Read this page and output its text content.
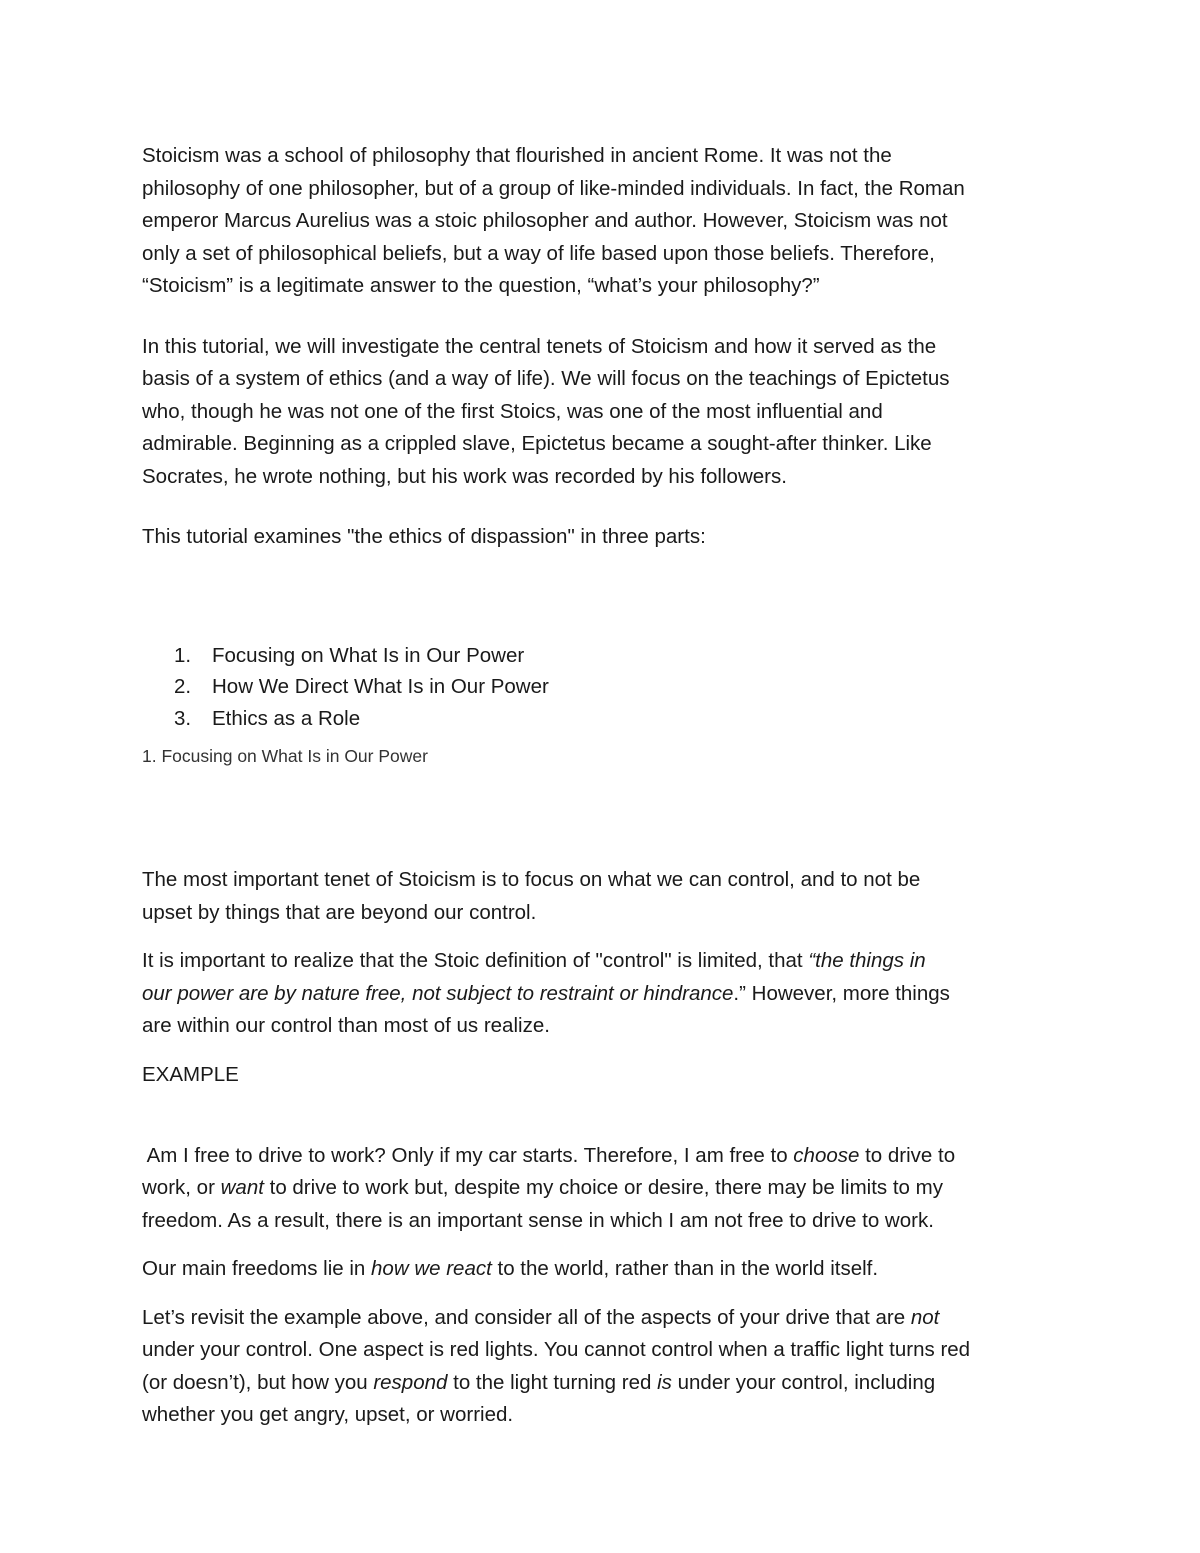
Stoicism was a school of philosophy that flourished in ancient Rome. It was not the
philosophy of one philosopher, but of a group of like-minded individuals. In fact, the Roman
emperor Marcus Aurelius was a stoic philosopher and author. However, Stoicism was not
only a set of philosophical beliefs, but a way of life based upon those beliefs. Therefore,
“Stoicism” is a legitimate answer to the question, “what’s your philosophy?”

In this tutorial, we will investigate the central tenets of Stoicism and how it served as the
basis of a system of ethics (and a way of life). We will focus on the teachings of Epictetus
who, though he was not one of the first Stoics, was one of the most influential and
admirable. Beginning as a crippled slave, Epictetus became a sought-after thinker. Like
Socrates, he wrote nothing, but his work was recorded by his followers.

This tutorial examines "the ethics of dispassion" in three parts:

1. Focusing on What Is in Our Power
2. How We Direct What Is in Our Power
3. Ethics as a Role
1. Focusing on What Is in Our Power

The most important tenet of Stoicism is to focus on what we can control, and to not be
upset by things that are beyond our control.

It is important to realize that the Stoic definition of "control" is limited, that “the things in
our power are by nature free, not subject to restraint or hindrance.” However, more things
are within our control than most of us realize.

EXAMPLE

Am I free to drive to work? Only if my car starts. Therefore, I am free to choose to drive to
work, or want to drive to work but, despite my choice or desire, there may be limits to my
freedom. As a result, there is an important sense in which I am not free to drive to work.

Our main freedoms lie in how we react to the world, rather than in the world itself.

Let’s revisit the example above, and consider all of the aspects of your drive that are not
under your control. One aspect is red lights. You cannot control when a traffic light turns red
(or doesn’t), but how you respond to the light turning red is under your control, including
whether you get angry, upset, or worried.
